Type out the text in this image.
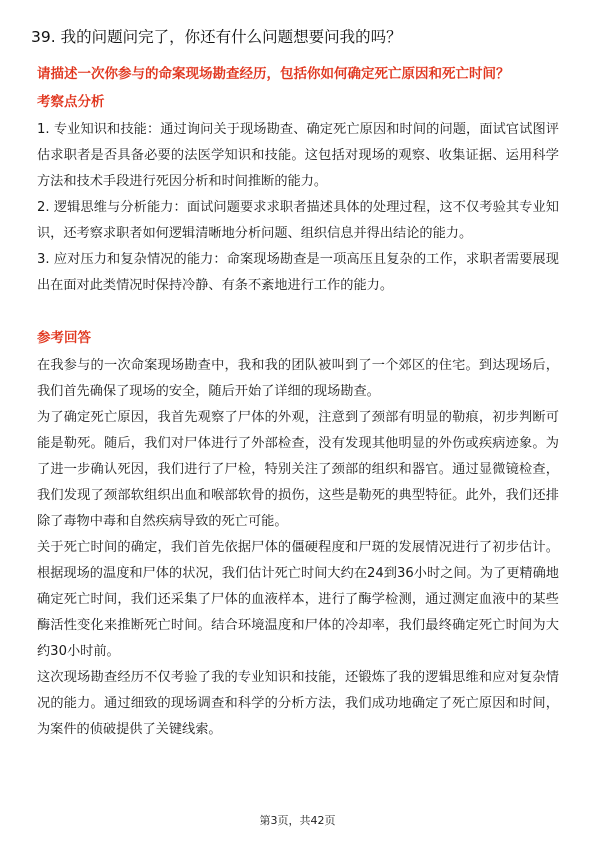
39. 我的问题问完了，你还有什么问题想要问我的吗？
请描述一次你参与的命案现场勘查经历，包括你如何确定死亡原因和死亡时间？
考察点分析

1. 专业知识和技能：通过询问关于现场勘查、确定死亡原因和时间的问题，面试官试图评估求职者是否具备必要的法医学知识和技能。这包括对现场的观察、收集证据、运用科学方法和技术手段进行死因分析和时间推断的能力。

2. 逻辑思维与分析能力：面试问题要求求职者描述具体的处理过程，这不仅考验其专业知识，还考察求职者如何逻辑清晰地分析问题、组织信息并得出结论的能力。

3. 应对压力和复杂情况的能力：命案现场勘查是一项高压且复杂的工作，求职者需要展现出在面对此类情况时保持冷静、有条不紊地进行工作的能力。

参考回答

在我参与的一次命案现场勘查中，我和我的团队被叫到了一个郊区的住宅。到达现场后，我们首先确保了现场的安全，随后开始了详细的现场勘查。

为了确定死亡原因，我首先观察了尸体的外观，注意到了颈部有明显的勒痕，初步判断可能是勒死。随后，我们对尸体进行了外部检查，没有发现其他明显的外伤或疾病迹象。为了进一步确认死因，我们进行了尸检，特别关注了颈部的组织和器官。通过显微镜检查，我们发现了颈部软组织出血和喉部软骨的损伤，这些是勒死的典型特征。此外，我们还排除了毒物中毒和自然疾病导致的死亡可能。

关于死亡时间的确定，我们首先依据尸体的僵硬程度和尸斑的发展情况进行了初步估计。根据现场的温度和尸体的状况，我们估计死亡时间大约在24到36小时之间。为了更精确地确定死亡时间，我们还采集了尸体的血液样本，进行了酶学检测，通过测定血液中的某些酶活性变化来推断死亡时间。结合环境温度和尸体的冷却率，我们最终确定死亡时间为大约30小时前。

这次现场勘查经历不仅考验了我的专业知识和技能，还锻炼了我的逻辑思维和应对复杂情况的能力。通过细致的现场调查和科学的分析方法，我们成功地确定了死亡原因和时间，为案件的侦破提供了关键线索。

第3页，共42页
